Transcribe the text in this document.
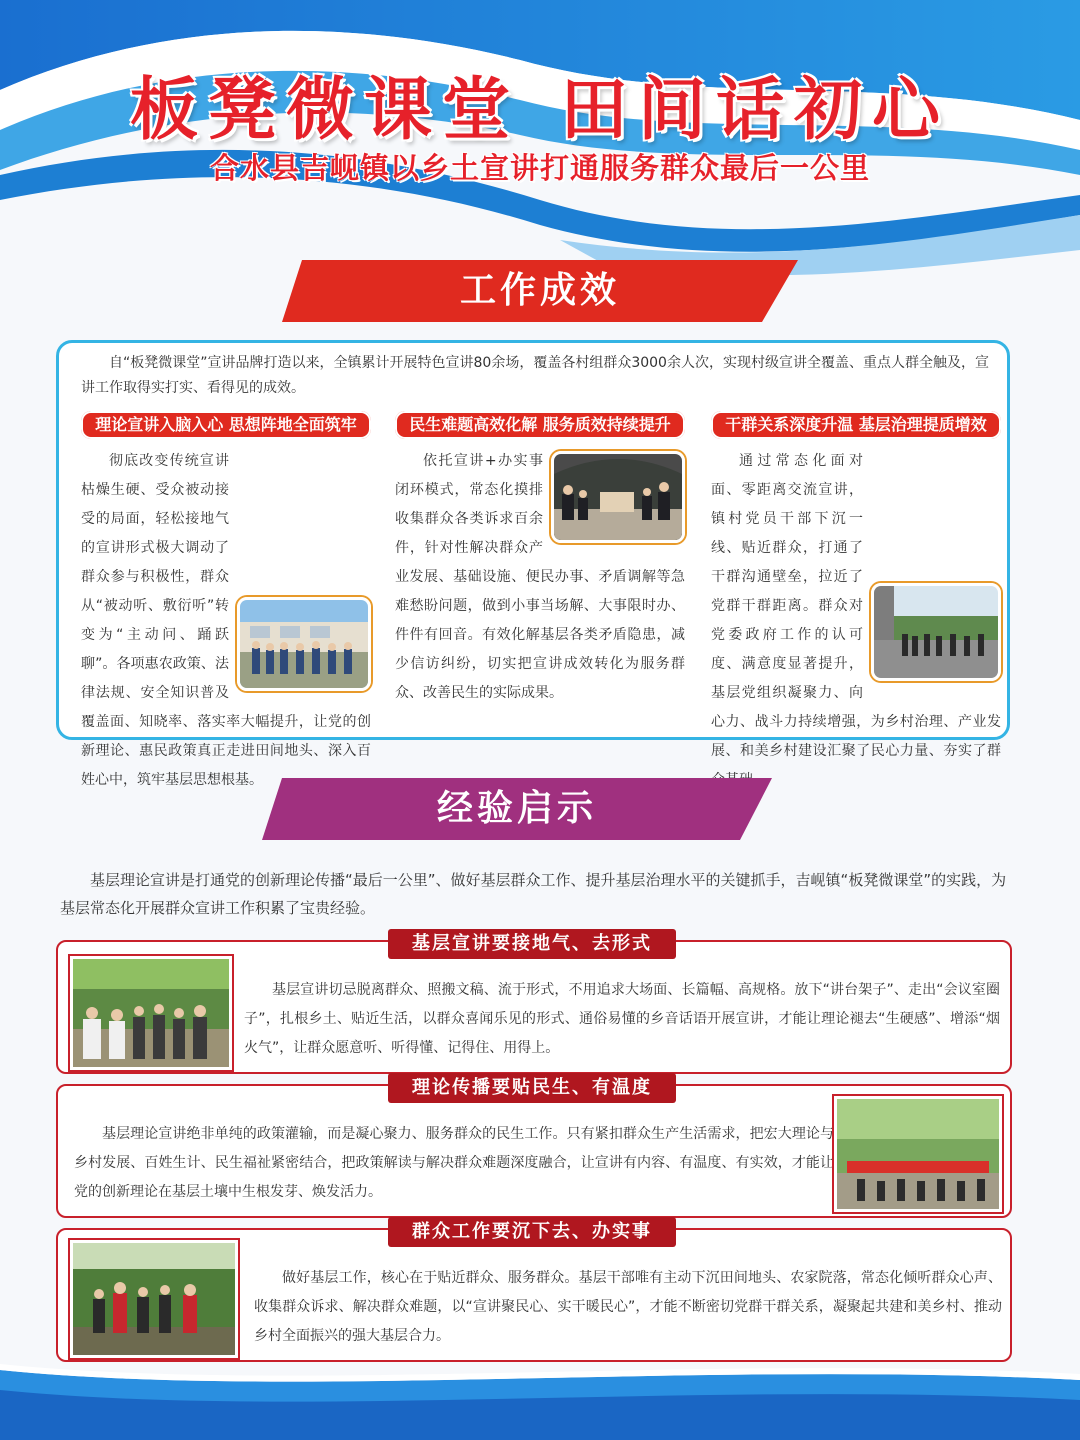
板凳微课堂 田间话初心
合水县吉岘镇以乡土宣讲打通服务群众最后一公里
工作成效
自“板凳微课堂”宣讲品牌打造以来，全镇累计开展特色宣讲80余场，覆盖各村组群众3000余人次，实现村级宣讲全覆盖、重点人群全触及，宣讲工作取得实打实、看得见的成效。
理论宣讲入脑入心 思想阵地全面筑牢
彻底改变传统宣讲枯燥生硬、受众被动接受的局面，轻松接地气的宣讲形式极大调动了群众参与积极性，群众从“被动听、敷衍听”转变为“主动问、踊跃聊”。各项惠农政策、法律法规、安全知识普及覆盖面、知晓率、落实率大幅提升，让党的创新理论、惠民政策真正走进田间地头、深入百姓心中，筑牢基层思想根基。
民生难题高效化解 服务质效持续提升
依托宣讲+办实事闭环模式，常态化摸排收集群众各类诉求百余件，针对性解决群众产业发展、基础设施、便民办事、矛盾调解等急难愁盼问题，做到小事当场解、大事限时办、件件有回音。有效化解基层各类矛盾隐患，减少信访纠纷，切实把宣讲成效转化为服务群众、改善民生的实际成果。
干群关系深度升温 基层治理提质增效
通过常态化面对面、零距离交流宣讲，镇村党员干部下沉一线、贴近群众，打通了干群沟通壁垒，拉近了党群干群距离。群众对党委政府工作的认可度、满意度显著提升，基层党组织凝聚力、向心力、战斗力持续增强，为乡村治理、产业发展、和美乡村建设汇聚了民心力量、夯实了群
经验启示
基层理论宣讲是打通党的创新理论传播“最后一公里”、做好基层群众工作、提升基层治理水平的关键抓手，吉岘镇“板凳微课堂”的实践，为基层常态化开展群众宣讲工作积累了宝贵经验。
基层宣讲要接地气、去形式
基层宣讲切忌脱离群众、照搬文稿、流于形式，不用追求大场面、长篇幅、高规格。放下“讲台架子”、走出“会议室圈子”，扎根乡土、贴近生活，以群众喜闻乐见的形式、通俗易懂的乡音话语开展宣讲，才能让理论褪去“生硬感”、增添“烟火气”，让群众愿意听、听得懂、记得住、用得上。
理论传播要贴民生、有温度
基层理论宣讲绝非单纯的政策灌输，而是凝心聚力、服务群众的民生工作。只有紧扣群众生产生活需求，把宏大理论与乡村发展、百姓生计、民生福祉紧密结合，把政策解读与解决群众难题深度融合，让宣讲有内容、有温度、有实效，才能让党的创新理论在基层土壤中生根发芽、焕发活力。
群众工作要沉下去、办实事
做好基层工作，核心在于贴近群众、服务群众。基层干部唯有主动下沉田间地头、农家院落，常态化倾听群众心声、收集群众诉求、解决群众难题，以“宣讲聚民心、实干暖民心”，才能不断密切党群干群关系，凝聚起共建和美乡村、推动乡村全面振兴的强大基层合力。
